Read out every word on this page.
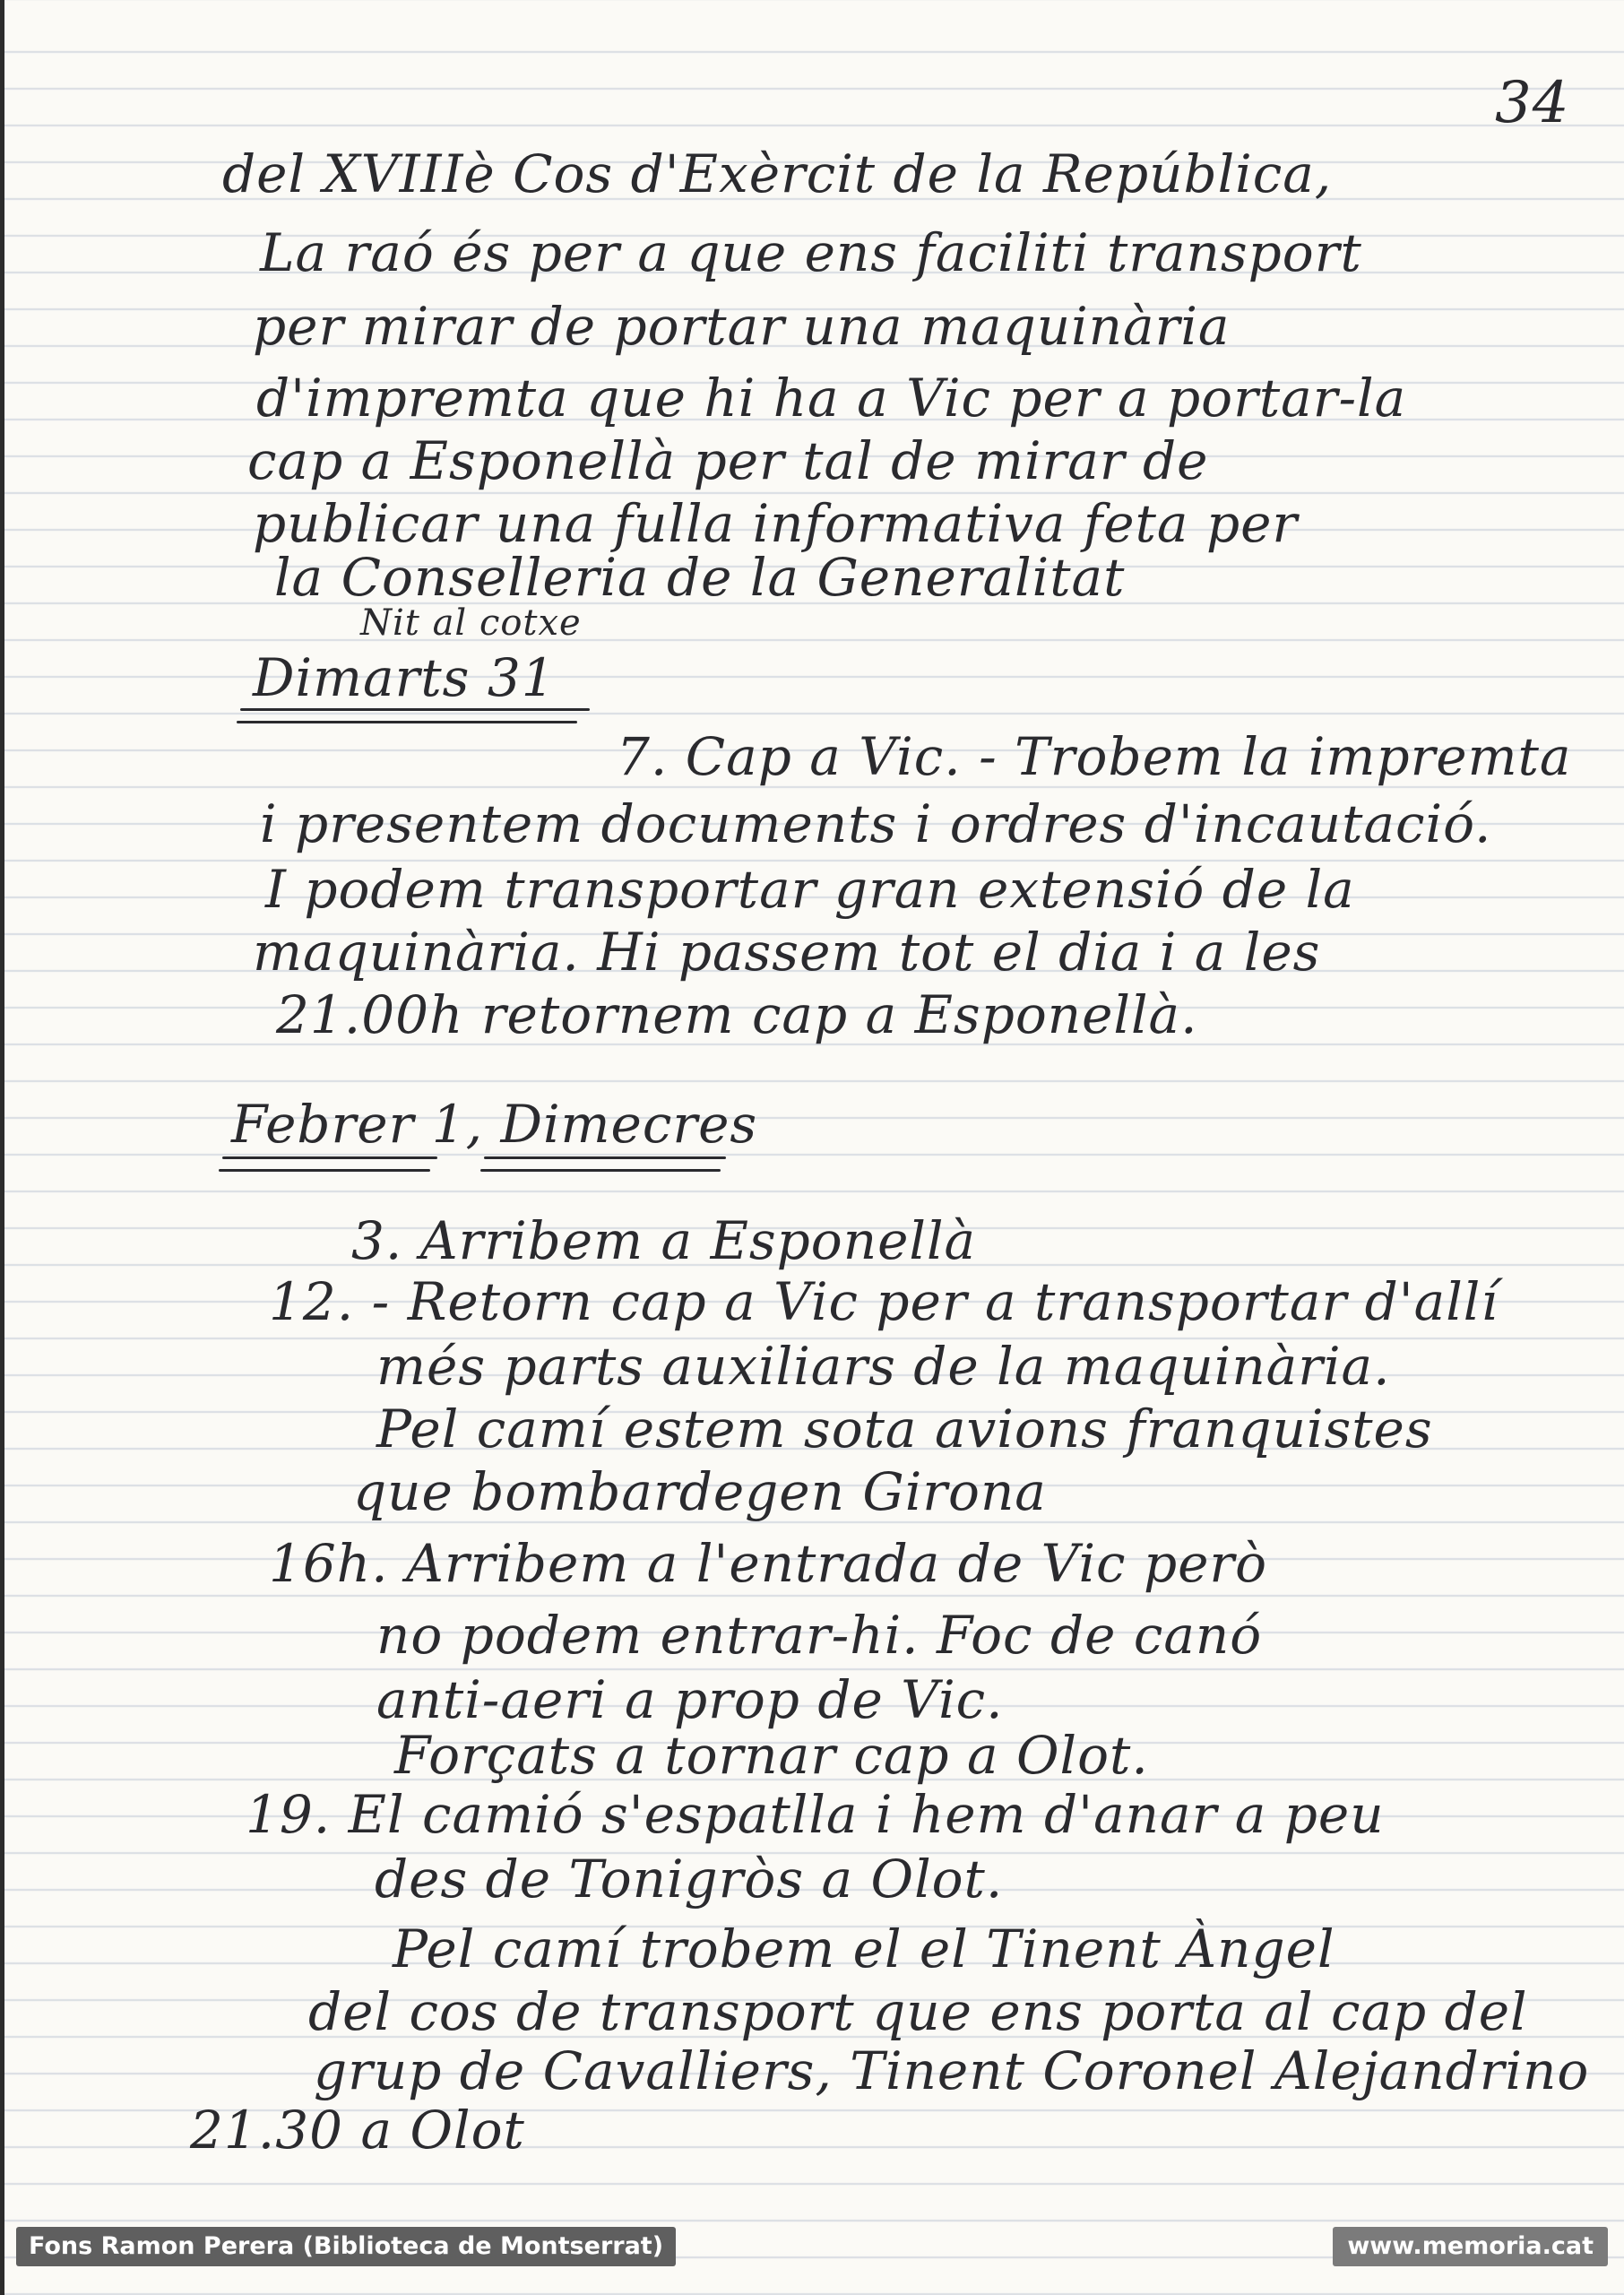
34
del XVIIIè Cos d'Exèrcit de la República,
La raó és per a que ens faciliti transport
per mirar de portar una maquinària
d'impremta que hi ha a Vic per a portar-la
cap a Esponellà per tal de mirar de
publicar una fulla informativa feta per
la Conselleria de la Generalitat
Nit al cotxe
Dimarts 31
7. Cap a Vic. - Trobem la impremta
i presentem documents i ordres d'incautació.
I podem transportar gran extensió de la
maquinària. Hi passem tot el dia i a les
21.00h retornem cap a Esponellà.
Febrer 1, Dimecres
3. Arribem a Esponellà
12. - Retorn cap a Vic per a transportar d'allí
més parts auxiliars de la maquinària.
Pel camí estem sota avions franquistes
que bombardegen Girona
16h. Arribem a l'entrada de Vic però
no podem entrar-hi. Foc de canó
anti-aeri a prop de Vic.
Forçats a tornar cap a Olot.
19. El camió s'espatlla i hem d'anar a peu
des de Tonigròs a Olot.
Pel camí trobem el el Tinent Àngel
del cos de transport que ens porta al cap del
grup de Cavalliers, Tinent Coronel Alejandrino
21.30 a Olot
Fons Ramon Perera (Biblioteca de Montserrat)	www.memoria.cat
